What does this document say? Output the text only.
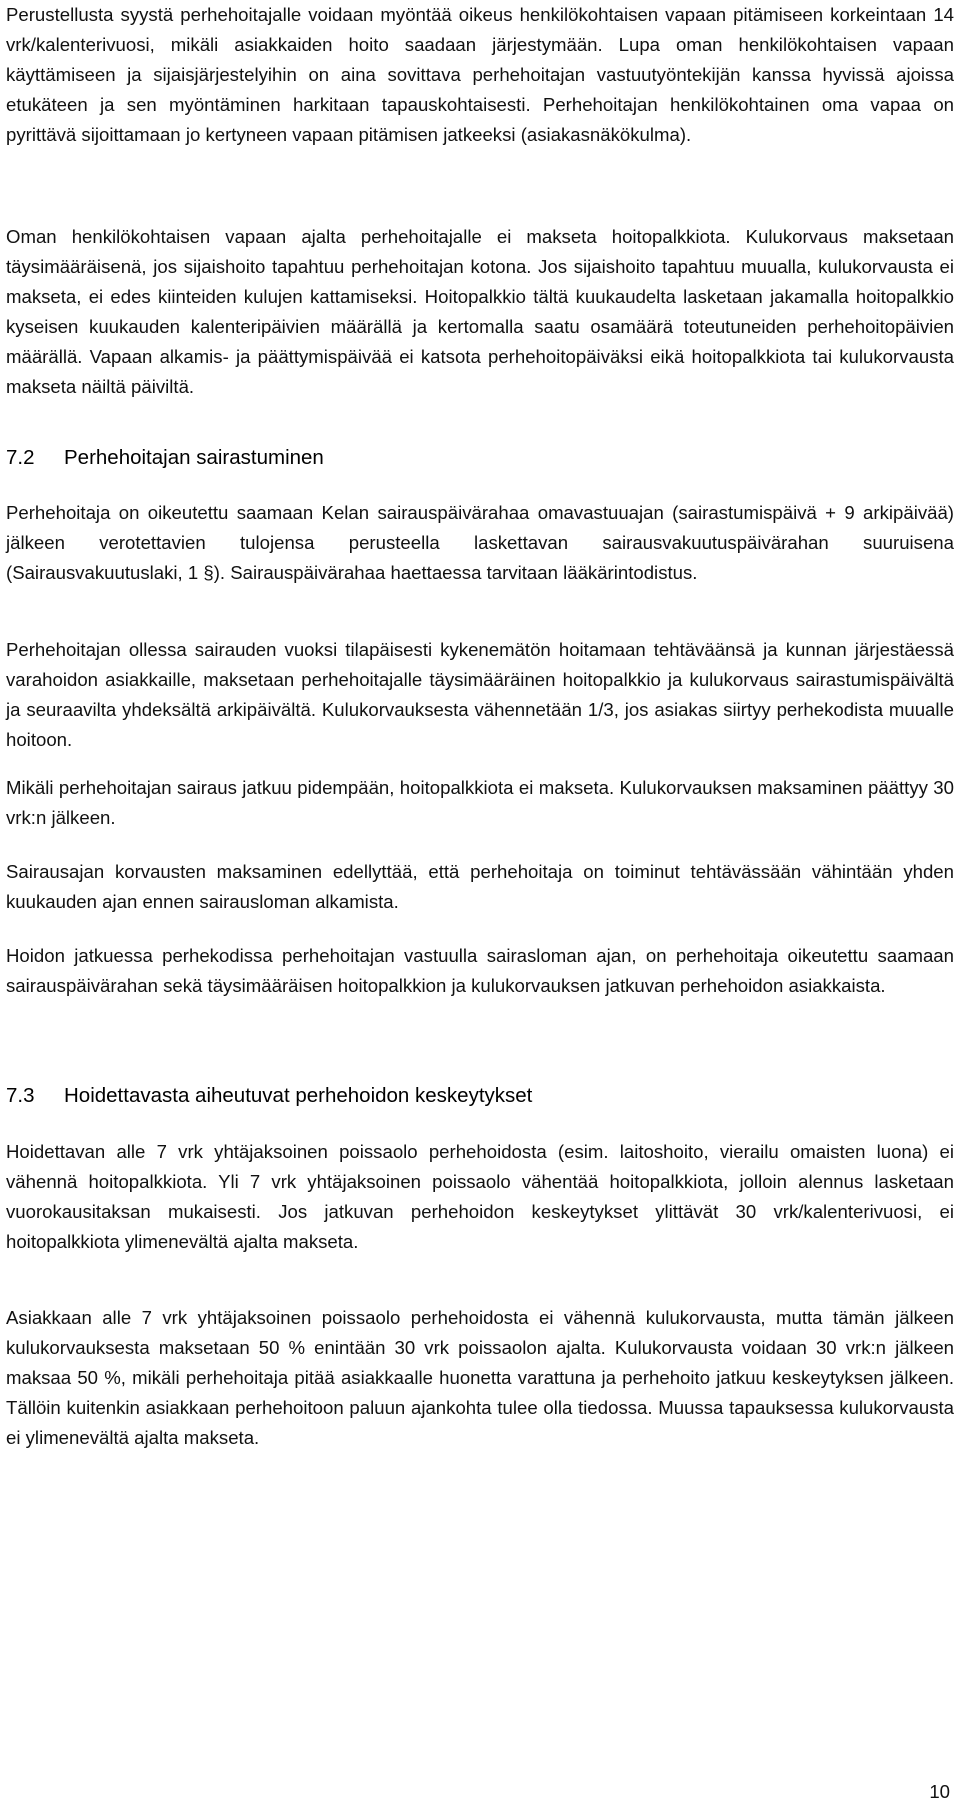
Perustellusta syystä perhehoitajalle voidaan myöntää oikeus henkilökohtaisen vapaan pitämiseen korkeintaan 14 vrk/kalenterivuosi, mikäli asiakkaiden hoito saadaan järjestymään. Lupa oman henkilökohtaisen vapaan käyttämiseen ja sijaisjärjestelyihin on aina sovittava perhehoitajan vastuutyöntekijän kanssa hyvissä ajoissa etukäteen ja sen myöntäminen harkitaan tapauskohtaisesti. Perhehoitajan henkilökohtainen oma vapaa on pyrittävä sijoittamaan jo kertyneen vapaan pitämisen jatkeeksi (asiakasnäkökulma).

Oman henkilökohtaisen vapaan ajalta perhehoitajalle ei makseta hoitopalkkiota. Kulukorvaus maksetaan täysimääräisenä, jos sijaishoito tapahtuu perhehoitajan kotona. Jos sijaishoito tapahtuu muualla, kulukorvausta ei makseta, ei edes kiinteiden kulujen kattamiseksi. Hoitopalkkio tältä kuukaudelta lasketaan jakamalla hoitopalkkio kyseisen kuukauden kalenteripäivien määrällä ja kertomalla saatu osamäärä toteutuneiden perhehoitopäivien määrällä. Vapaan alkamis- ja päättymispäivää ei katsota perhehoitopäiväksi eikä hoitopalkkiota tai kulukorvausta makseta näiltä päiviltä.

7.2 Perhehoitajan sairastuminen

Perhehoitaja on oikeutettu saamaan Kelan sairauspäivärahaa omavastuuajan (sairastumispäivä + 9 arkipäivää) jälkeen verotettavien tulojensa perusteella laskettavan sairausvakuutuspäivärahan suuruisena (Sairausvakuutuslaki, 1 §). Sairauspäivärahaa haettaessa tarvitaan lääkärintodistus.

Perhehoitajan ollessa sairauden vuoksi tilapäisesti kykenemätön hoitamaan tehtäväänsä ja kunnan järjestäessä varahoidon asiakkaille, maksetaan perhehoitajalle täysimääräinen hoitopalkkio ja kulukorvaus sairastumispäivältä ja seuraavilta yhdeksältä arkipäivältä. Kulukorvauksesta vähennetään 1/3, jos asiakas siirtyy perhekodista muualle hoitoon.

Mikäli perhehoitajan sairaus jatkuu pidempään, hoitopalkkiota ei makseta. Kulukorvauksen maksaminen päättyy 30 vrk:n jälkeen.

Sairausajan korvausten maksaminen edellyttää, että perhehoitaja on toiminut tehtävässään vähintään yhden kuukauden ajan ennen sairausloman alkamista.

Hoidon jatkuessa perhekodissa perhehoitajan vastuulla sairasloman ajan, on perhehoitaja oikeutettu saamaan sairauspäivärahan sekä täysimääräisen hoitopalkkion ja kulukorvauksen jatkuvan perhehoidon asiakkaista.

7.3 Hoidettavasta aiheutuvat perhehoidon keskeytykset

Hoidettavan alle 7 vrk yhtäjaksoinen poissaolo perhehoidosta (esim. laitoshoito, vierailu omaisten luona) ei vähennä hoitopalkkiota. Yli 7 vrk yhtäjaksoinen poissaolo vähentää hoitopalkkiota, jolloin alennus lasketaan vuorokausitaksan mukaisesti. Jos jatkuvan perhehoidon keskeytykset ylittävät 30 vrk/kalenterivuosi, ei hoitopalkkiota ylimenevältä ajalta makseta.

Asiakkaan alle 7 vrk yhtäjaksoinen poissaolo perhehoidosta ei vähennä kulukorvausta, mutta tämän jälkeen kulukorvauksesta maksetaan 50 % enintään 30 vrk poissaolon ajalta. Kulukorvausta voidaan 30 vrk:n jälkeen maksaa 50 %, mikäli perhehoitaja pitää asiakkaalle huonetta varattuna ja perhehoito jatkuu keskeytyksen jälkeen. Tällöin kuitenkin asiakkaan perhehoitoon paluun ajankohta tulee olla tiedossa. Muussa tapauksessa kulukorvausta ei ylimenevältä ajalta makseta.

10
